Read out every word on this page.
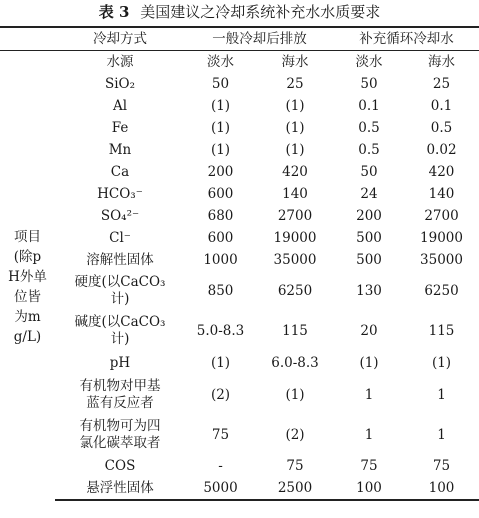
表 3 美国建议之冷却系统补充水水质要求
	冷却方式	一般冷却后排放		补充循环冷却水	
	水源	淡水	海水	淡水	海水
项目(除pH外单位皆为mg/L)	SiO₂	50	25	50	25
	Al	(1)	(1)	0.1	0.1
	Fe	(1)	(1)	0.5	0.5
	Mn	(1)	(1)	0.5	0.02
	Ca	200	420	50	420
	HCO₃⁻	600	140	24	140
	SO₄²⁻	680	2700	200	2700
	Cl⁻	600	19000	500	19000
	溶解性固体	1000	35000	500	35000
	硬度(以CaCO₃计)	850	6250	130	6250
	碱度(以CaCO₃计)	5.0-8.3	115	20	115
	pH	(1)	6.0-8.3	(1)	(1)
	有机物对甲基蓝有反应者	(2)	(1)	1	1
	有机物可为四氯化碳萃取者	75	(2)	1	1
	COS	-	75	75	75
	悬浮性固体	5000	2500	100	100
